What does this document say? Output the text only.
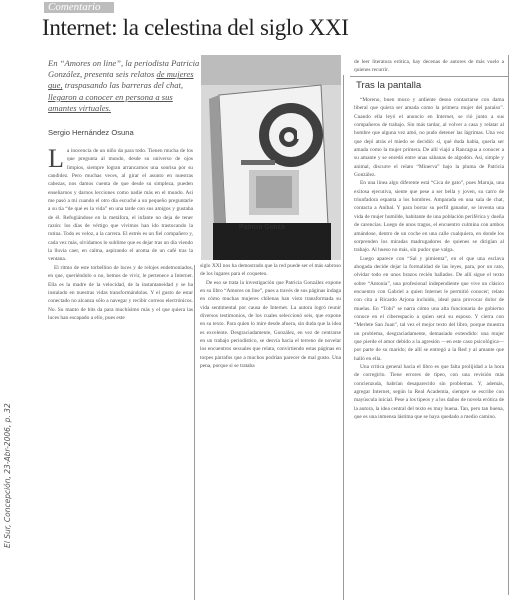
Comentario
Internet: la celestina del siglo XXI
En “Amores on line”, la periodista Patricia González, presenta seis relatos de mujeres que, traspasando las barreras del chat, llegaron a conocer en persona a sus amantes virtuales.
Sergio Hernández Osuna
Patricia Gonzá

La inocencia de un niño da para todo. Tienen mucha de los que pregunta al mundo, desde su universo de ojos limpios, siempre logran arrancarnos una sonrisa por su candidez. Pero muchas veces, al girar el asunto en nuestras cabezas, nos damos cuenta de que desde su simpleza, pueden enseñarnos y darnos lecciones como nadie más en el mundo. Así me pasó a mí cuando el otro día escuché a un pequeño preguntarle a su tía “de qué es la vida” en una tarde con sus amigos y gustaba de él. Refugiándose en la metáfora, el infante no deja de tener razón: los días de vértigo que vivimos han ido trastocando la rutina. Todo es veloz, a la carrera. El estrés es un fiel compañero y, cada vez más, olvidamos lo sublime que es dejar tras un día viendo la lluvia caer, en calma, aspirando el aroma de un café tras la ventana.

El ritmo de este torbellino de luces y de relojes endemoniados, en que, queriéndolo o no, hemos de vivir, le pertenece a Internet. Ella es la madre de la velocidad, de la instantaneidad y se ha instalado en nuestras vidas transformándolas. Y el gusto de estar conectado no alcanza sólo a navegar y recibir correos electrónicos. No. Su manto de bits da para muchísimo más y el que quiera las luces han escapado a ello, pues este

siglo XXI nos ha demostrado que la red puede ser el más sabroso de los lugares para el coqueteo.

De eso se trata la investigación que Patricia González expone en su libro “Amores on line”, pues a través de sus páginas indaga en cómo muchas mujeres chilenas han visto transformada su vida sentimental por causa de Internet. La autora logró reunir diversos testimonios, de los cuales seleccionó seis, que expone en su texto. Para quien lo mire desde afuera, sin duda que la idea es excelente. Desgraciadamente, González, en vez de centrarse en un trabajo periodístico, se desvía hacia el terreno de novelar los encuentros sexuales que relata, convirtiendo estas páginas en torpes párrafos que a muchos podrían parecer de mal gusto. Una pena, porque si se trataba

de leer literatura erótica, hay decenas de autores de más vuelo a quienes recurrir.

Tras la pantalla

“Moreno, buen mozo y ardiente desea contactarse con dama liberal que quiera ser amada como la primera mujer del paraíso”. Cuando ella leyó el anuncio en Internet, se rió junto a sus compañeros de trabajo. Sin más tardar, al volver a casa y relatar al hombre que alguna vez amó, no pudo detener las lágrimas. Una vez que dejó atrás el miedo se decidió: sí, qué duda había, quería ser amada como la mujer primera. De allí viajó a Rancagua a conocer a su amante y se enredó entre unas sábanas de algodón. Así, simple y animal, discurre el relato “Minerva” bajo la pluma de Patricia González.

En una línea algo diferente está “Cica de gato”, pues Maruja, una exitosa ejecutiva, siente que pese a ser bella y joven, su carro de triunfadora espanta a los hombres. Amparada en una sala de chat, contacta a Aníbal. Y para borrar su perfil ganador, se inventa una vida de mujer humilde, habitante de una población periférica y dueña de carencias. Luego de unos tragos, el encuentro culmina con ambos amándose, dentro de un coche en una calle cualquiera, en donde los sorprenden los miradas madrugadores de quienes se dirigían al trabajo. Al hueso no más, sin pudor que valga.

Luego aparece con “Sal y pimienta”, en el que una esclava ahogada decide dejar la formalidad de las leyes, para, por un rato, olvidar todo en unos brazos recién hallados. De allí sigue el texto sobre “Antonia”, una profesional independiente que vive un clásico encuentro con Gabriel a quien Internet le permitió conocer; relato con cita a Ricardo Arjona incluido, ideal para provocar dolor de muelas. En “Tobi” se narra cómo una alta funcionaria de gobierno conoce en el ciberespacio a quien será su esposo. Y cierra con “Merlete San Juan”, tal vez el mejor texto del libro, porque muestra un problema, desgraciadamente, demasiado extendido: una mujer que pierde el amor debido a la agresión —en este caso psicológica— por parte de su marido; de allí se entregó a la Red y al amante que halló en ella.

Una crítica general hacia el libro es que falta prolijidad a la hora de corregirlo. Tiene errores de tipeo, con una revisión más concienzuda, habrían desaparecido sin problemas. Y, además, agregar Internet, según la Real Academia, siempre se escribe con mayúscula inicial. Pese a los tipeos y a los daños de novela erótica de la autora, la idea central del texto es muy buena. Tan, pero tan buena, que es una inmensa lástima que se haya quedado a medio camino.

El Sur, Concepción, 23-Abr-2006, p. 32
